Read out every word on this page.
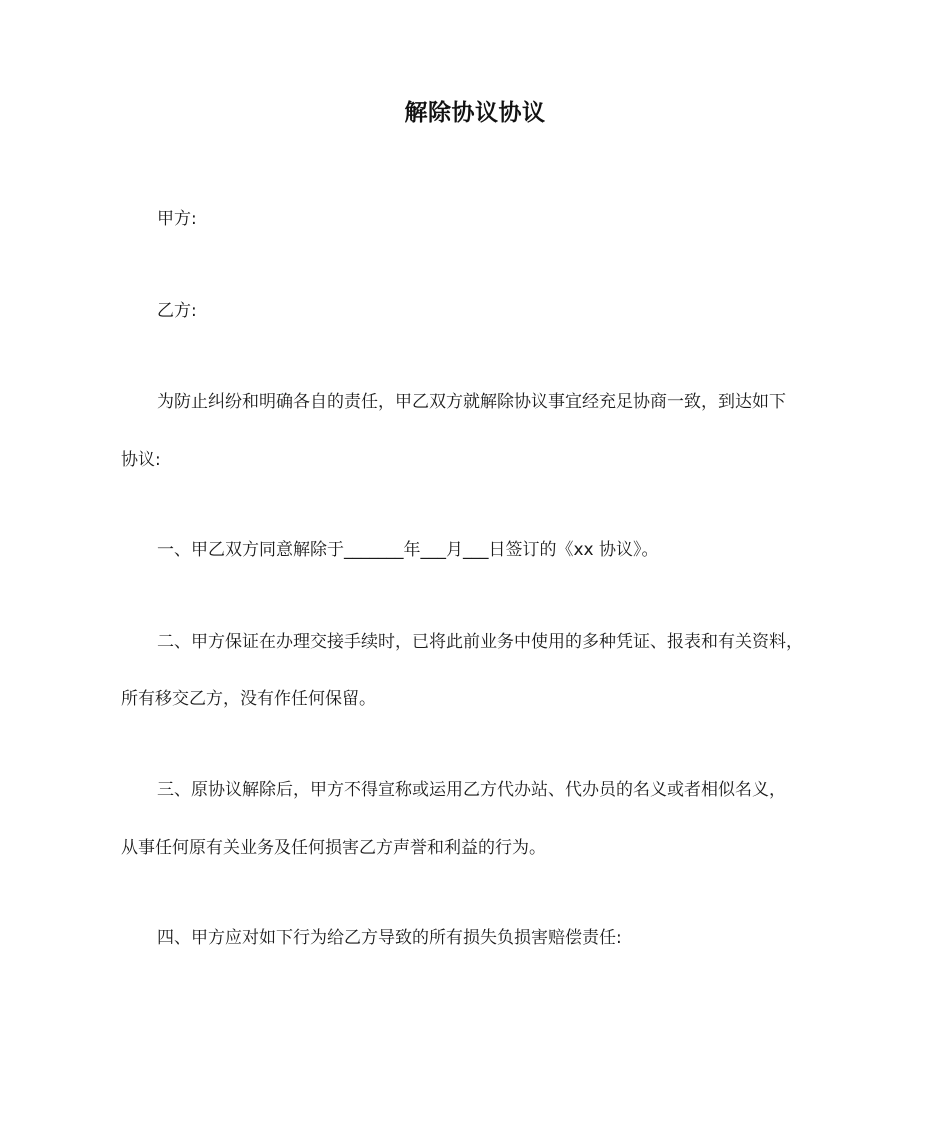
解除协议协议
甲方:
乙方:
为防止纠纷和明确各自的责任，甲乙双方就解除协议事宜经充足协商一致，到达如下
协议:
一、甲乙双方同意解除于_______年___月___日签订的《xx 协议》。
二、甲方保证在办理交接手续时，已将此前业务中使用的多种凭证、报表和有关资料，
所有移交乙方，没有作任何保留。
三、原协议解除后，甲方不得宣称或运用乙方代办站、代办员的名义或者相似名义，
从事任何原有关业务及任何损害乙方声誉和利益的行为。
四、甲方应对如下行为给乙方导致的所有损失负损害赔偿责任:
